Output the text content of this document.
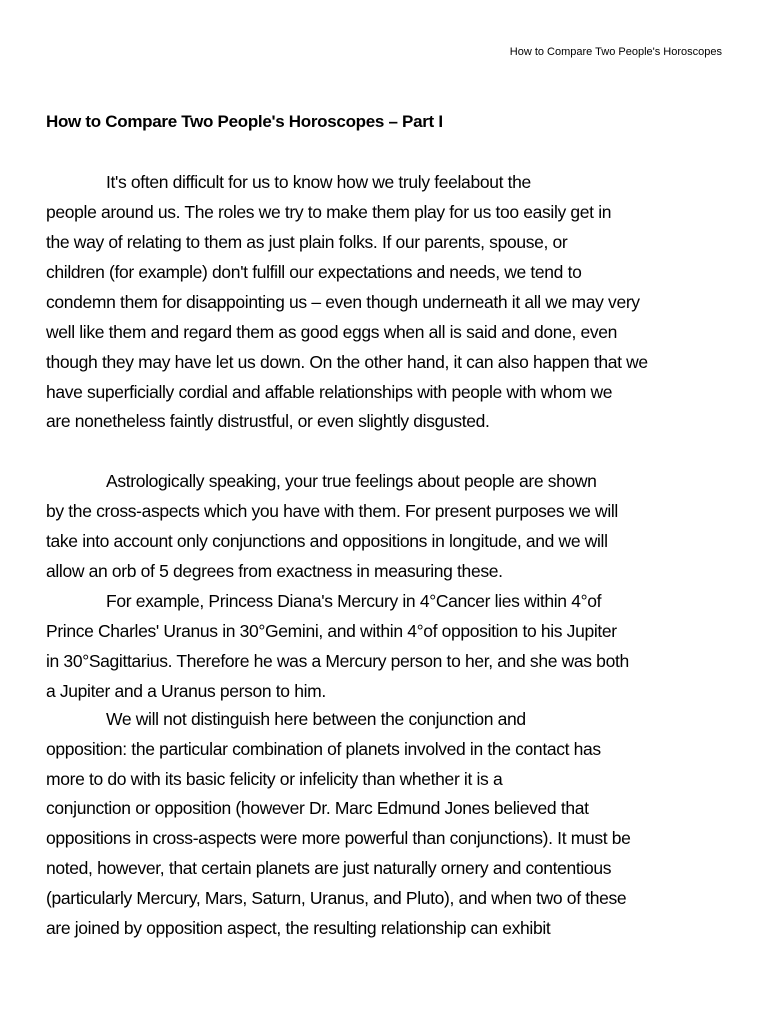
How to Compare Two People's Horoscopes
How to Compare Two People's Horoscopes – Part I
It's often difficult for us to know how we truly feelabout the
people around us. The roles we try to make them play for us too easily get in
the way of relating to them as just plain folks. If our parents, spouse, or
children (for example) don't fulfill our expectations and needs, we tend to
condemn them for disappointing us – even though underneath it all we may very
well like them and regard them as good eggs when all is said and done, even
though they may have let us down. On the other hand, it can also happen that we
have superficially cordial and affable relationships with people with whom we
are nonetheless faintly distrustful, or even slightly disgusted.
Astrologically speaking, your true feelings about people are shown
by the cross-aspects which you have with them. For present purposes we will
take into account only conjunctions and oppositions in longitude, and we will
allow an orb of 5 degrees from exactness in measuring these.
For example, Princess Diana's Mercury in 4°Cancer lies within 4°of
Prince Charles' Uranus in 30°Gemini, and within 4°of opposition to his Jupiter
in 30°Sagittarius. Therefore he was a Mercury person to her, and she was both
a Jupiter and a Uranus person to him.
We will not distinguish here between the conjunction and
opposition: the particular combination of planets involved in the contact has
more to do with its basic felicity or infelicity than whether it is a
conjunction or opposition (however Dr. Marc Edmund Jones believed that
oppositions in cross-aspects were more powerful than conjunctions). It must be
noted, however, that certain planets are just naturally ornery and contentious
(particularly Mercury, Mars, Saturn, Uranus, and Pluto), and when two of these
are joined by opposition aspect, the resulting relationship can exhibit
